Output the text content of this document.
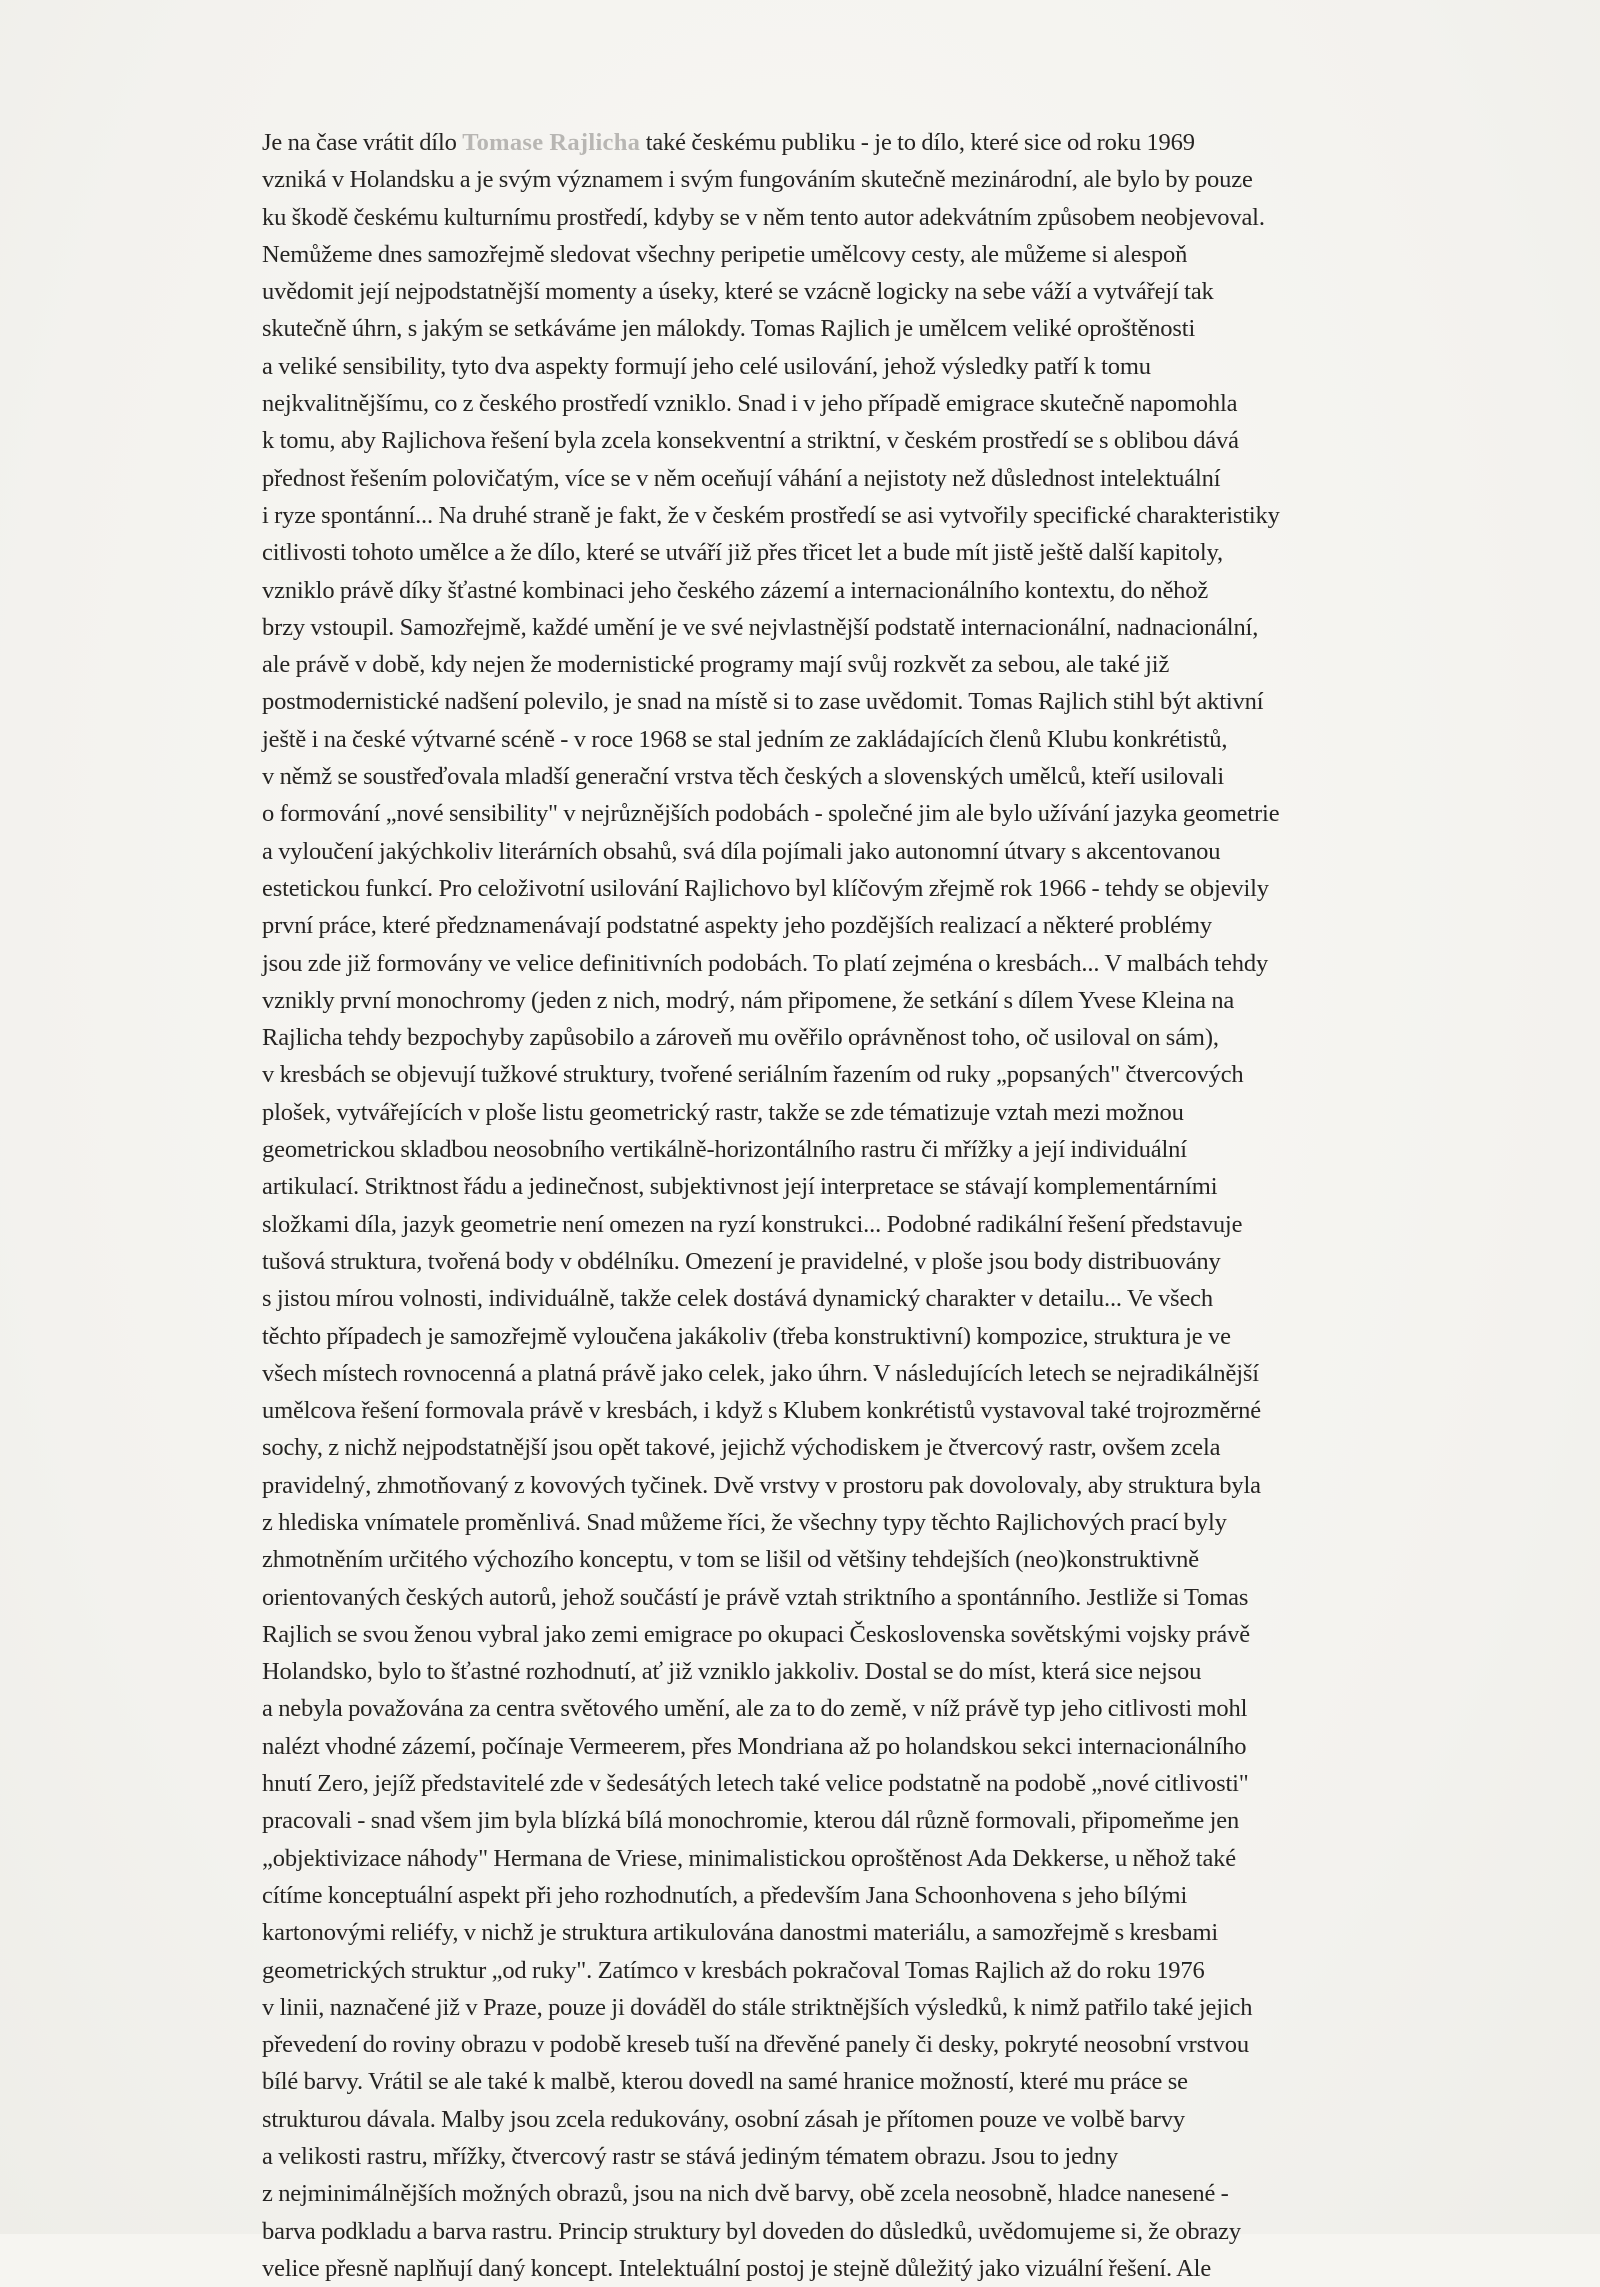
Je na čase vrátit dílo Tomase Rajlicha také českému publiku - je to dílo, které sice od roku 1969
vzniká v Holandsku a je svým významem i svým fungováním skutečně mezinárodní, ale bylo by pouze
ku škodě českému kulturnímu prostředí, kdyby se v něm tento autor adekvátním způsobem neobjevoval.
Nemůžeme dnes samozřejmě sledovat všechny peripetie umělcovy cesty, ale můžeme si alespoň
uvědomit její nejpodstatnější momenty a úseky, které se vzácně logicky na sebe váží a vytvářejí tak
skutečně úhrn, s jakým se setkáváme jen málokdy. Tomas Rajlich je umělcem veliké oproštěnosti
a veliké sensibility, tyto dva aspekty formují jeho celé usilování, jehož výsledky patří k tomu
nejkvalitnějšímu, co z českého prostředí vzniklo. Snad i v jeho případě emigrace skutečně napomohla
k tomu, aby Rajlichova řešení byla zcela konsekventní a striktní, v českém prostředí se s oblibou dává
přednost řešením polovičatým, více se v něm oceňují váhání a nejistoty než důslednost intelektuální
i ryze spontánní... Na druhé straně je fakt, že v českém prostředí se asi vytvořily specifické charakteristiky
citlivosti tohoto umělce a že dílo, které se utváří již přes třicet let a bude mít jistě ještě další kapitoly,
vzniklo právě díky šťastné kombinaci jeho českého zázemí a internacionálního kontextu, do něhož
brzy vstoupil. Samozřejmě, každé umění je ve své nejvlastnější podstatě internacionální, nadnacionální,
ale právě v době, kdy nejen že modernistické programy mají svůj rozkvět za sebou, ale také již
postmodernistické nadšení polevilo, je snad na místě si to zase uvědomit. Tomas Rajlich stihl být aktivní
ještě i na české výtvarné scéně - v roce 1968 se stal jedním ze zakládajících členů Klubu konkrétistů,
v němž se soustřeďovala mladší generační vrstva těch českých a slovenských umělců, kteří usilovali
o formování „nové sensibility" v nejrůznějších podobách - společné jim ale bylo užívání jazyka geometrie
a vyloučení jakýchkoliv literárních obsahů, svá díla pojímali jako autonomní útvary s akcentovanou
estetickou funkcí. Pro celoživotní usilování Rajlichovo byl klíčovým zřejmě rok 1966 - tehdy se objevily
první práce, které předznamenávají podstatné aspekty jeho pozdějších realizací a některé problémy
jsou zde již formovány ve velice definitivních podobách. To platí zejména o kresbách... V malbách tehdy
vznikly první monochromy (jeden z nich, modrý, nám připomene, že setkání s dílem Yvese Kleina na
Rajlicha tehdy bezpochyby zapůsobilo a zároveň mu ověřilo oprávněnost toho, oč usiloval on sám),
v kresbách se objevují tužkové struktury, tvořené seriálním řazením od ruky „popsaných" čtvercových
plošek, vytvářejících v ploše listu geometrický rastr, takže se zde tématizuje vztah mezi možnou
geometrickou skladbou neosobního vertikálně-horizontálního rastru či mřížky a její individuální
artikulací. Striktnost řádu a jedinečnost, subjektivnost její interpretace se stávají komplementárními
složkami díla, jazyk geometrie není omezen na ryzí konstrukci... Podobné radikální řešení představuje
tušová struktura, tvořená body v obdélníku. Omezení je pravidelné, v ploše jsou body distribuovány
s jistou mírou volnosti, individuálně, takže celek dostává dynamický charakter v detailu... Ve všech
těchto případech je samozřejmě vyloučena jakákoliv (třeba konstruktivní) kompozice, struktura je ve
všech místech rovnocenná a platná právě jako celek, jako úhrn. V následujících letech se nejradikálnější
umělcova řešení formovala právě v kresbách, i když s Klubem konkrétistů vystavoval také trojrozměrné
sochy, z nichž nejpodstatnější jsou opět takové, jejichž východiskem je čtvercový rastr, ovšem zcela
pravidelný, zhmotňovaný z kovových tyčinek. Dvě vrstvy v prostoru pak dovolovaly, aby struktura byla
z hlediska vnímatele proměnlivá. Snad můžeme říci, že všechny typy těchto Rajlichových prací byly
zhmotněním určitého výchozího konceptu, v tom se lišil od většiny tehdejších (neo)konstruktivně
orientovaných českých autorů, jehož součástí je právě vztah striktního a spontánního. Jestliže si Tomas
Rajlich se svou ženou vybral jako zemi emigrace po okupaci Československa sovětskými vojsky právě
Holandsko, bylo to šťastné rozhodnutí, ať již vzniklo jakkoliv. Dostal se do míst, která sice nejsou
a nebyla považována za centra světového umění, ale za to do země, v níž právě typ jeho citlivosti mohl
nalézt vhodné zázemí, počínaje Vermeerem, přes Mondriana až po holandskou sekci internacionálního
hnutí Zero, jejíž představitelé zde v šedesátých letech také velice podstatně na podobě „nové citlivosti"
pracovali - snad všem jim byla blízká bílá monochromie, kterou dál různě formovali, připomeňme jen
„objektivizace náhody" Hermana de Vriese, minimalistickou oproštěnost Ada Dekkerse, u něhož také
cítíme konceptuální aspekt při jeho rozhodnutích, a především Jana Schoonhovena s jeho bílými
kartonovými reliéfy, v nichž je struktura artikulována danostmi materiálu, a samozřejmě s kresbami
geometrických struktur „od ruky". Zatímco v kresbách pokračoval Tomas Rajlich až do roku 1976
v linii, naznačené již v Praze, pouze ji dováděl do stále striktnějších výsledků, k nimž patřilo také jejich
převedení do roviny obrazu v podobě kreseb tuší na dřevěné panely či desky, pokryté neosobní vrstvou
bílé barvy. Vrátil se ale také k malbě, kterou dovedl na samé hranice možností, které mu práce se
strukturou dávala. Malby jsou zcela redukovány, osobní zásah je přítomen pouze ve volbě barvy
a velikosti rastru, mřížky, čtvercový rastr se stává jediným tématem obrazu. Jsou to jedny
z nejminimálnějších možných obrazů, jsou na nich dvě barvy, obě zcela neosobně, hladce nanesené -
barva podkladu a barva rastru. Princip struktury byl doveden do důsledků, uvědomujeme si, že obrazy
velice přesně naplňují daný koncept. Intelektuální postoj je stejně důležitý jako vizuální řešení. Ale
